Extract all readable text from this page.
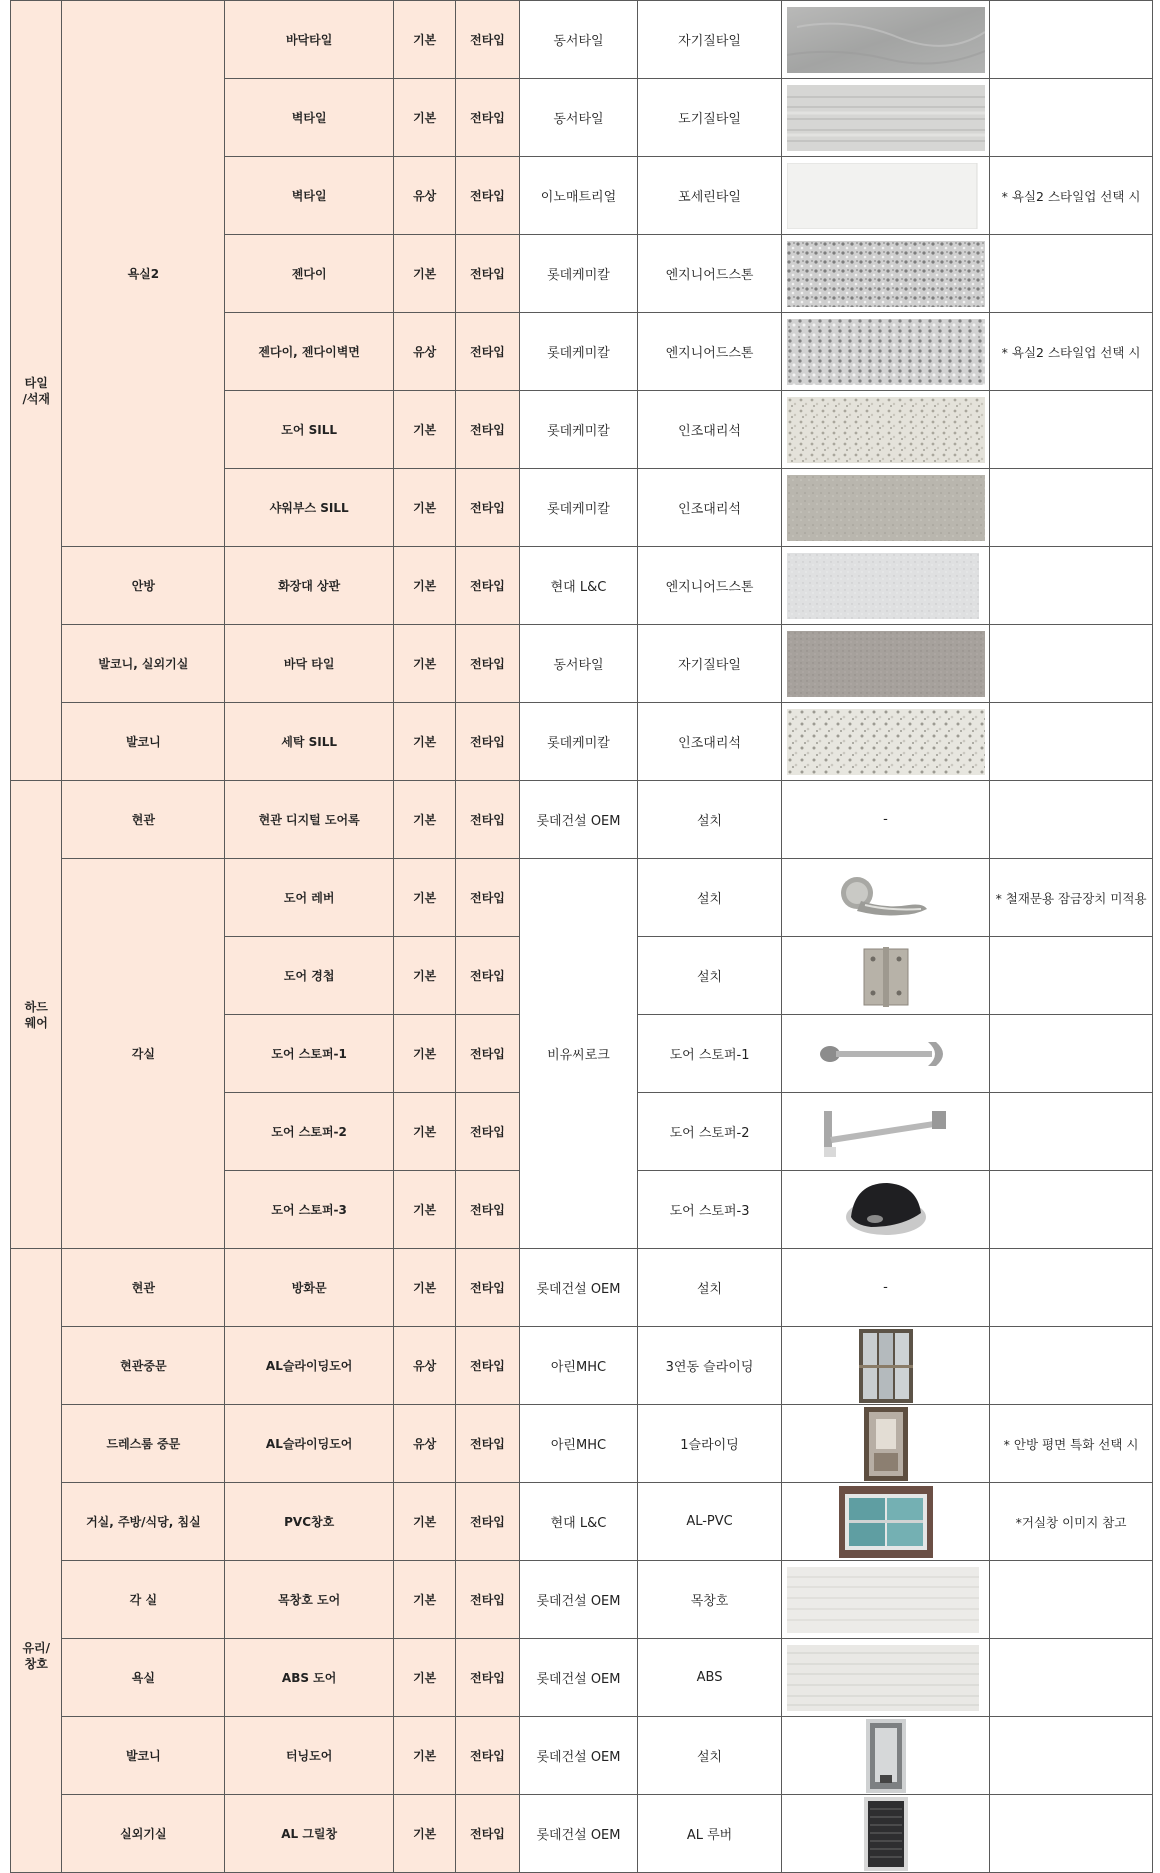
타일
/석재	욕실2	바닥타일	기본	전타입	동서타일	자기질타일	

		벽타일	기본	전타입	동서타일	도기질타일	

		벽타일	유상	전타입	이노매트리얼	포세린타일		* 욕실2 스타일업 선택 시
		젠다이	기본	전타입	롯데케미칼	엔지니어드스톤	

		젠다이, 젠다이벽면	유상	전타입	롯데케미칼	엔지니어드스톤		* 욕실2 스타일업 선택 시
		도어 SILL	기본	전타입	롯데케미칼	인조대리석	

		샤워부스 SILL	기본	전타입	롯데케미칼	인조대리석	

	안방	화장대 상판	기본	전타입	현대 L&C	엔지니어드스톤	

	발코니, 실외기실	바닥 타일	기본	전타입	동서타일	자기질타일	

	발코니	세탁 SILL	기본	전타입	롯데케미칼	인조대리석	

하드
웨어	현관	현관 디지털 도어록	기본	전타입	롯데건설 OEM	설치	-	
	각실	도어 레버	기본	전타입	비유씨로크	설치		* 철재문용 잠금장치 미적용
		도어 경첩	기본	전타입		설치	

		도어 스토퍼-1	기본	전타입		도어 스토퍼-1	

		도어 스토퍼-2	기본	전타입		도어 스토퍼-2	

		도어 스토퍼-3	기본	전타입		도어 스토퍼-3	

유리/
창호	현관	방화문	기본	전타입	롯데건설 OEM	설치	-	
	현관중문	AL슬라이딩도어	유상	전타입	아린MHC	3연동 슬라이딩	

	드레스룸 중문	AL슬라이딩도어	유상	전타입	아린MHC	1슬라이딩		* 안방 평면 특화 선택 시
	거실, 주방/식당, 침실	PVC창호	기본	전타입	현대 L&C	AL-PVC		*거실창 이미지 참고
	각 실	목창호 도어	기본	전타입	롯데건설 OEM	목창호	

	욕실	ABS 도어	기본	전타입	롯데건설 OEM	ABS	

	발코니	터닝도어	기본	전타입	롯데건설 OEM	설치	

	실외기실	AL 그릴창	기본	전타입	롯데건설 OEM	AL 루버	
